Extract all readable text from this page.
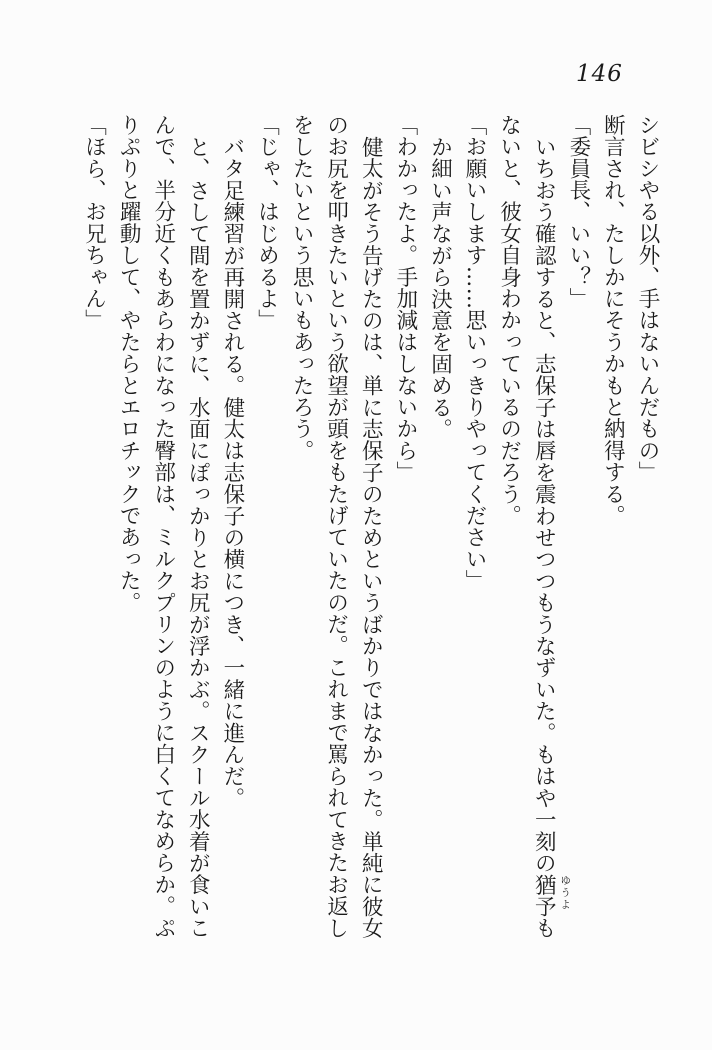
146
シビシやる以外、手はないんだもの」
断言され、たしかにそうかもと納得する。
「委員長、いい？」
いちおう確認すると、志保子は唇を震わせつつもうなずいた。もはや一刻の猶予 ゆうよ
も
ないと、彼女自身わかっているのだろう。
「お願いします……思いっきりやってください」
か細い声ながら決意を固める。
「わかったよ。手加減はしないから」
健太がそう告げたのは、単に志保子のためというばかりではなかった。単純に彼女
のお尻を叩きたいという欲望が頭をもたげていたのだ。これまで罵られてきたお返し
をしたいという思いもあったろう。
「じゃ、はじめるよ」
バタ足練習が再開される。健太は志保子の横につき、一緒に進んだ。
と、さして間を置かずに、水面にぽっかりとお尻が浮かぶ。スクール水着が食いこ
んで、半分近くもあらわになった臀部は、ミルクプリンのように白くてなめらか。ぷ
りぷりと躍動して、やたらとエロチックであった。
「ほら、お兄ちゃん」
